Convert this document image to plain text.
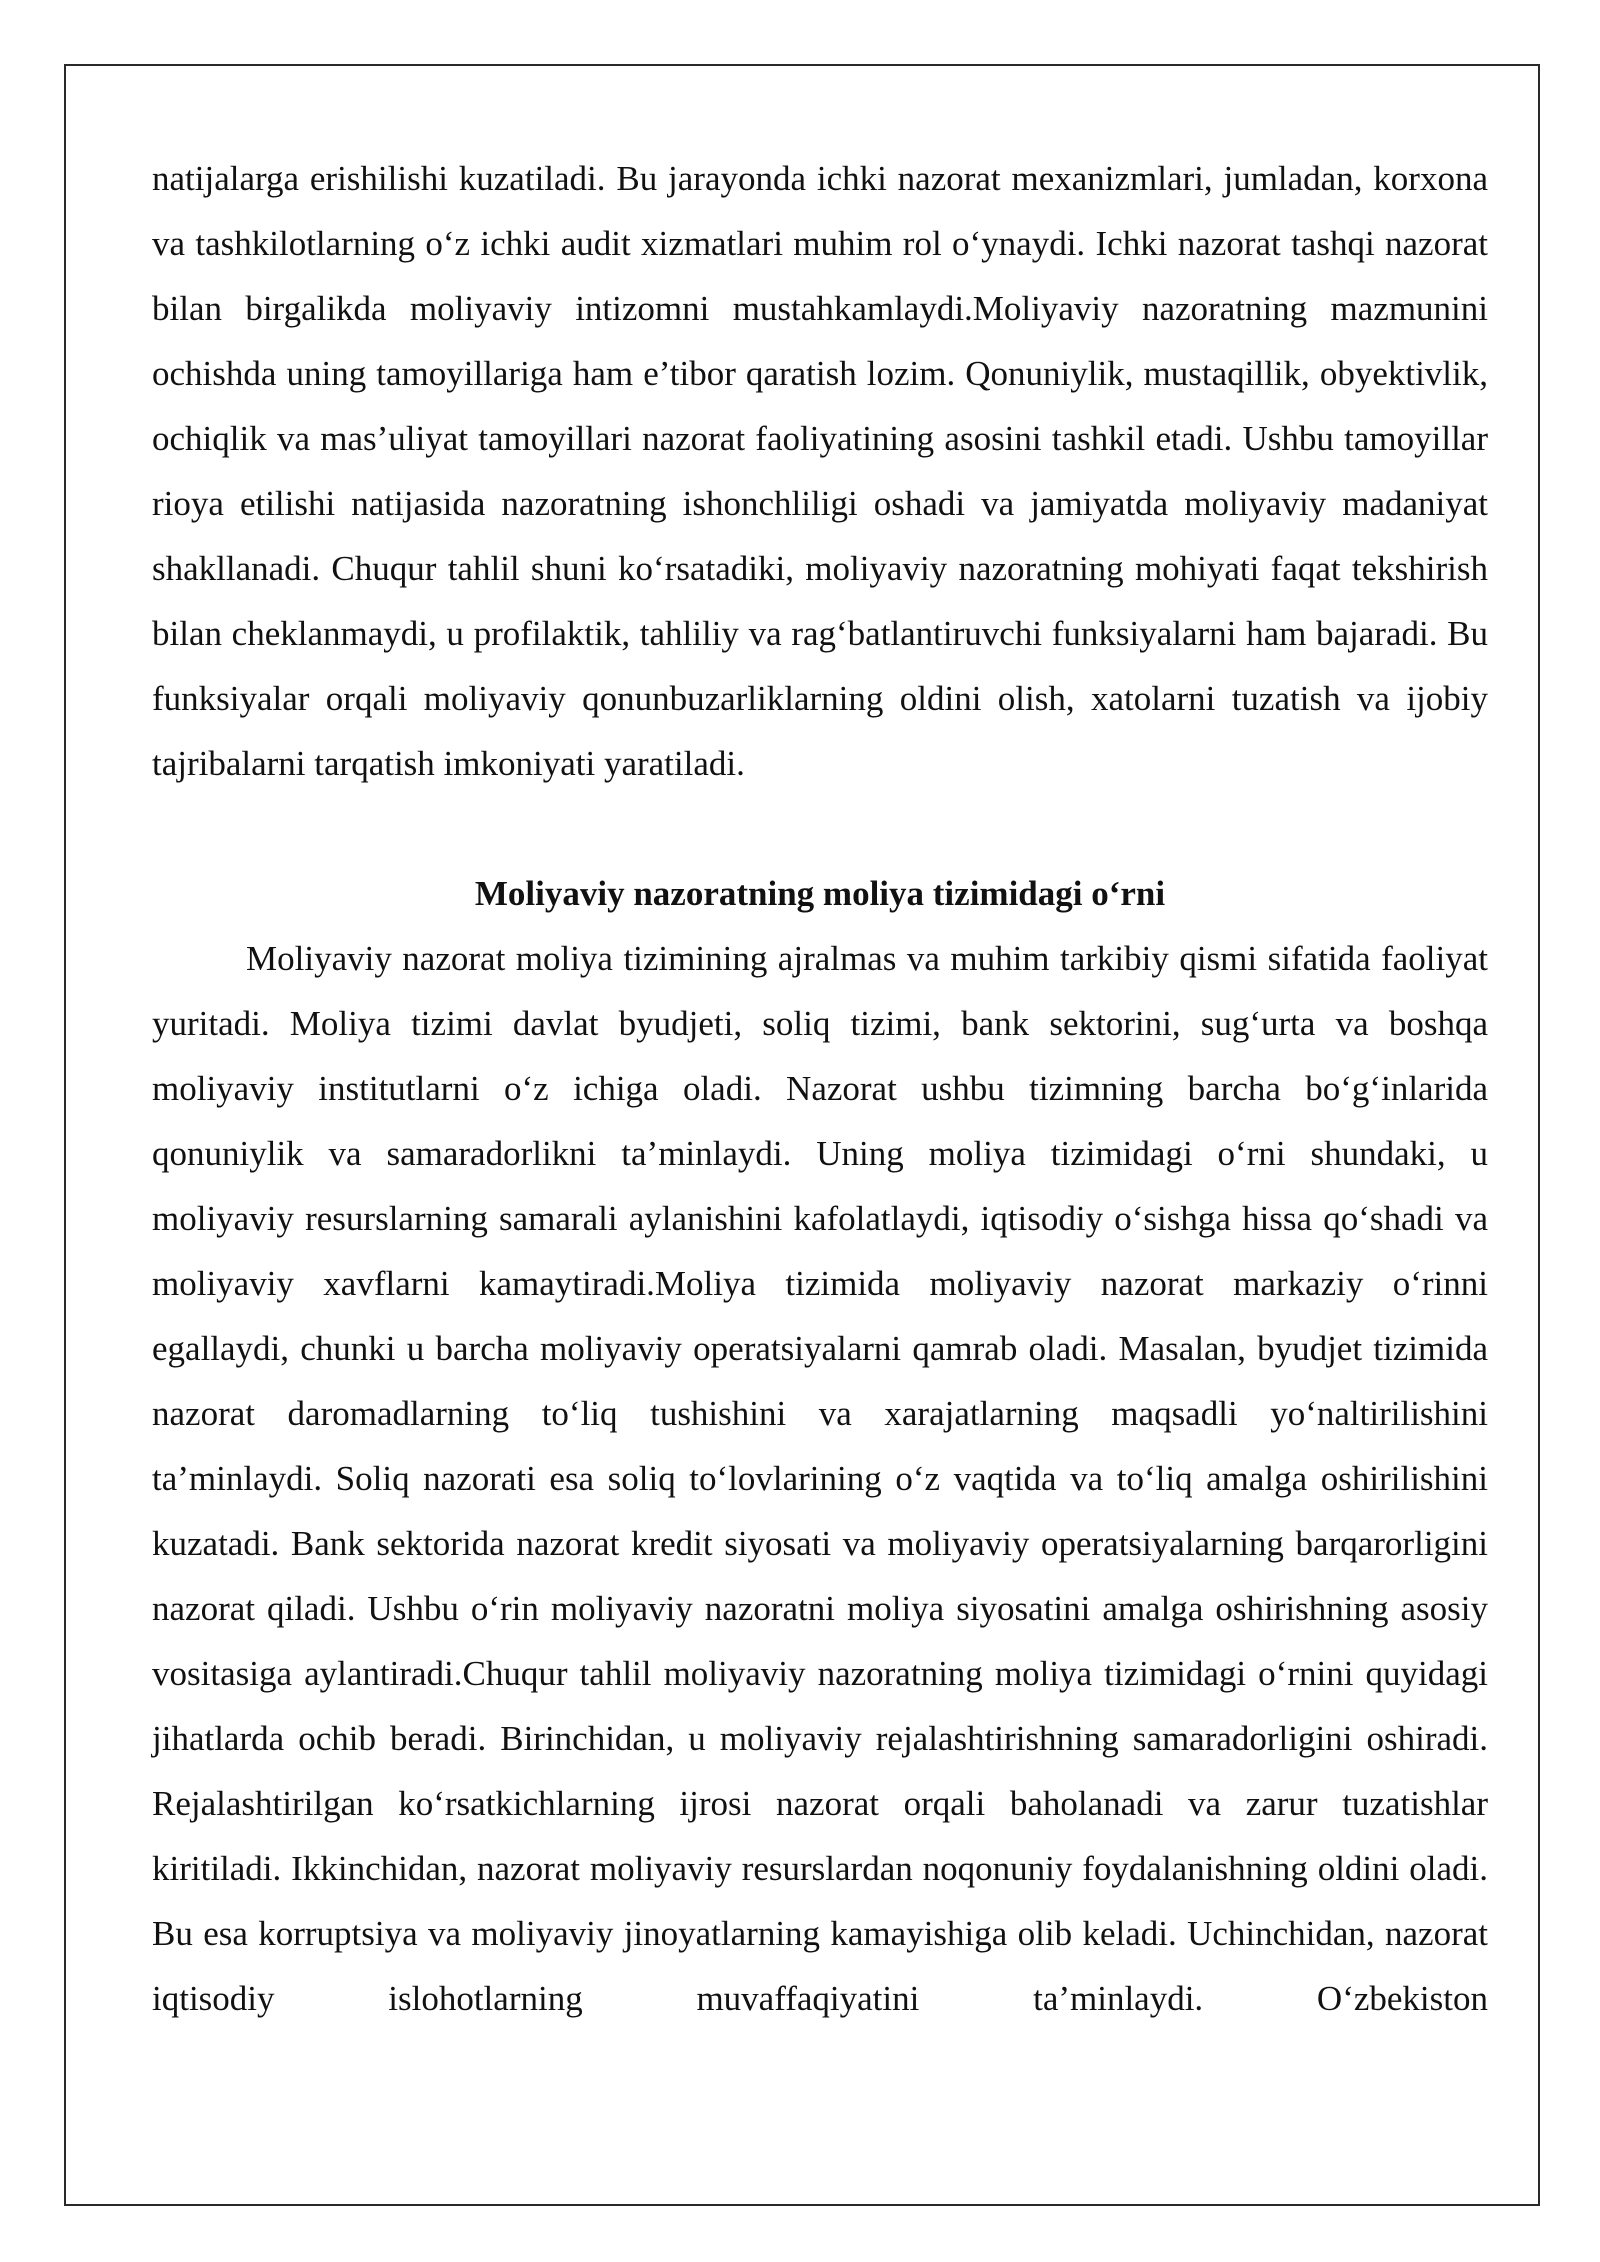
natijalarga erishilishi kuzatiladi. Bu jarayonda ichki nazorat mexanizmlari, jumladan, korxona va tashkilotlarning o‘z ichki audit xizmatlari muhim rol o‘ynaydi. Ichki nazorat tashqi nazorat bilan birgalikda moliyaviy intizomni mustahkamlaydi.Moliyaviy nazoratning mazmunini ochishda uning tamoyillariga ham e’tibor qaratish lozim. Qonuniylik, mustaqillik, obyektivlik, ochiqlik va mas’uliyat tamoyillari nazorat faoliyatining asosini tashkil etadi. Ushbu tamoyillar rioya etilishi natijasida nazoratning ishonchliligi oshadi va jamiyatda moliyaviy madaniyat shakllanadi. Chuqur tahlil shuni ko‘rsatadiki, moliyaviy nazoratning mohiyati faqat tekshirish bilan cheklanmaydi, u profilaktik, tahliliy va rag‘batlantiruvchi funksiyalarni ham bajaradi. Bu funksiyalar orqali moliyaviy qonunbuzarliklarning oldini olish, xatolarni tuzatish va ijobiy tajribalarni tarqatish imkoniyati yaratiladi.

Moliyaviy nazoratning moliya tizimidagi o‘rni

Moliyaviy nazorat moliya tizimining ajralmas va muhim tarkibiy qismi sifatida faoliyat yuritadi. Moliya tizimi davlat byudjeti, soliq tizimi, bank sektorini, sug‘urta va boshqa moliyaviy institutlarni o‘z ichiga oladi. Nazorat ushbu tizimning barcha bo‘g‘inlarida qonuniylik va samaradorlikni ta’minlaydi. Uning moliya tizimidagi o‘rni shundaki, u moliyaviy resurslarning samarali aylanishini kafolatlaydi, iqtisodiy o‘sishga hissa qo‘shadi va moliyaviy xavflarni kamaytiradi.Moliya tizimida moliyaviy nazorat markaziy o‘rinni egallaydi, chunki u barcha moliyaviy operatsiyalarni qamrab oladi. Masalan, byudjet tizimida nazorat daromadlarning to‘liq tushishini va xarajatlarning maqsadli yo‘naltirilishini ta’minlaydi. Soliq nazorati esa soliq to‘lovlarining o‘z vaqtida va to‘liq amalga oshirilishini kuzatadi. Bank sektorida nazorat kredit siyosati va moliyaviy operatsiyalarning barqarorligini nazorat qiladi. Ushbu o‘rin moliyaviy nazoratni moliya siyosatini amalga oshirishning asosiy vositasiga aylantiradi.Chuqur tahlil moliyaviy nazoratning moliya tizimidagi o‘rnini quyidagi jihatlarda ochib beradi. Birinchidan, u moliyaviy rejalashtirishning samaradorligini oshiradi. Rejalashtirilgan ko‘rsatkichlarning ijrosi nazorat orqali baholanadi va zarur tuzatishlar kiritiladi. Ikkinchidan, nazorat moliyaviy resurslardan noqonuniy foydalanishning oldini oladi. Bu esa korruptsiya va moliyaviy jinoyatlarning kamayishiga olib keladi. Uchinchidan, nazorat iqtisodiy islohotlarning muvaffaqiyatini ta’minlaydi. O‘zbekiston
